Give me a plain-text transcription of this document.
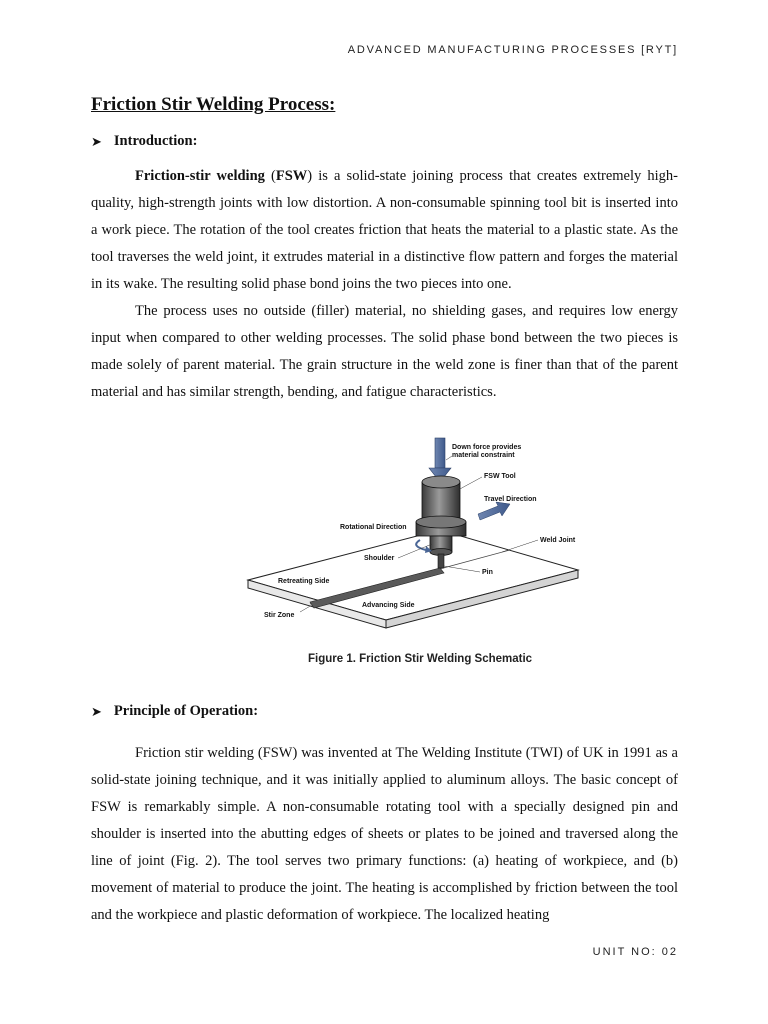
ADVANCED MANUFACTURING PROCESSES [RYT]
Friction Stir Welding Process:
➤ Introduction:

Friction-stir welding (FSW) is a solid-state joining process that creates extremely high-quality, high-strength joints with low distortion. A non-consumable spinning tool bit is inserted into a work piece. The rotation of the tool creates friction that heats the material to a plastic state. As the tool traverses the weld joint, it extrudes material in a distinctive flow pattern and forges the material in its wake. The resulting solid phase bond joins the two pieces into one.

The process uses no outside (filler) material, no shielding gases, and requires low energy input when compared to other welding processes. The solid phase bond between the two pieces is made solely of parent material. The grain structure in the weld zone is finer than that of the parent material and has similar strength, bending, and fatigue characteristics.

Down force provides
material constraint
FSW Tool
Travel Direction
Rotational Direction
Weld Joint
Shoulder
Pin
Retreating Side
Advancing Side
Stir Zone
Figure 1. Friction Stir Welding Schematic
➤ Principle of Operation:

Friction stir welding (FSW) was invented at The Welding Institute (TWI) of UK in 1991 as a solid-state joining technique, and it was initially applied to aluminum alloys. The basic concept of FSW is remarkably simple. A non-consumable rotating tool with a specially designed pin and shoulder is inserted into the abutting edges of sheets or plates to be joined and traversed along the line of joint (Fig. 2). The tool serves two primary functions: (a) heating of workpiece, and (b) movement of material to produce the joint. The heating is accomplished by friction between the tool and the workpiece and plastic deformation of workpiece. The localized heating

UNIT NO: 02
